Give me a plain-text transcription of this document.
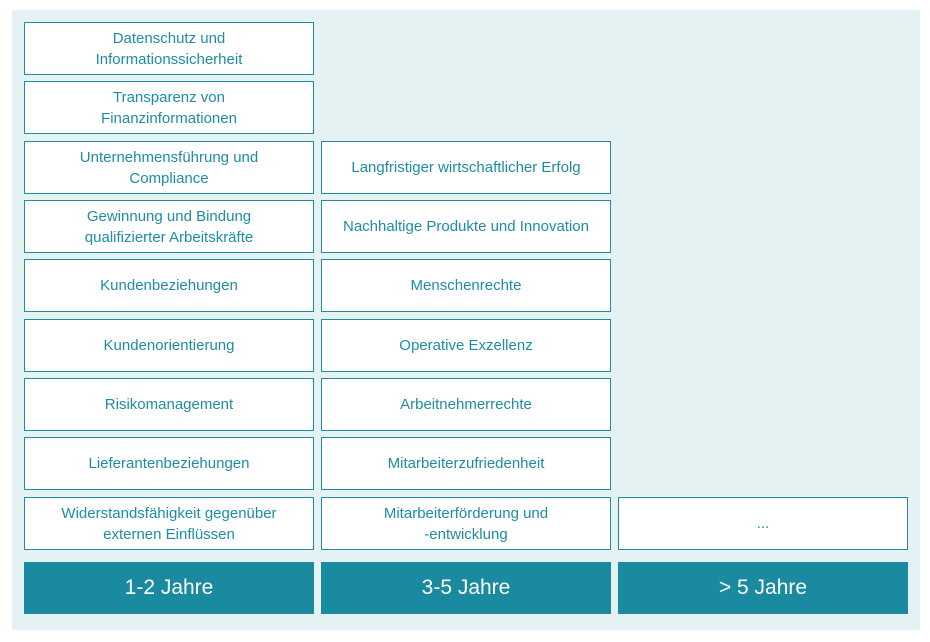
Datenschutz und
Informationssicherheit
Transparenz von
Finanzinformationen
Unternehmensführung und
Compliance
Gewinnung und Bindung
qualifizierter Arbeitskräfte
Kundenbeziehungen
Kundenorientierung
Risikomanagement
Lieferantenbeziehungen
Widerstandsfähigkeit gegenüber
externen Einflüssen
1-2 Jahre
Langfristiger wirtschaftlicher Erfolg
Nachhaltige Produkte und Innovation
Menschenrechte
Operative Exzellenz
Arbeitnehmerrechte
Mitarbeiterzufriedenheit
Mitarbeiterförderung und
-entwicklung
3-5 Jahre
...
> 5 Jahre
